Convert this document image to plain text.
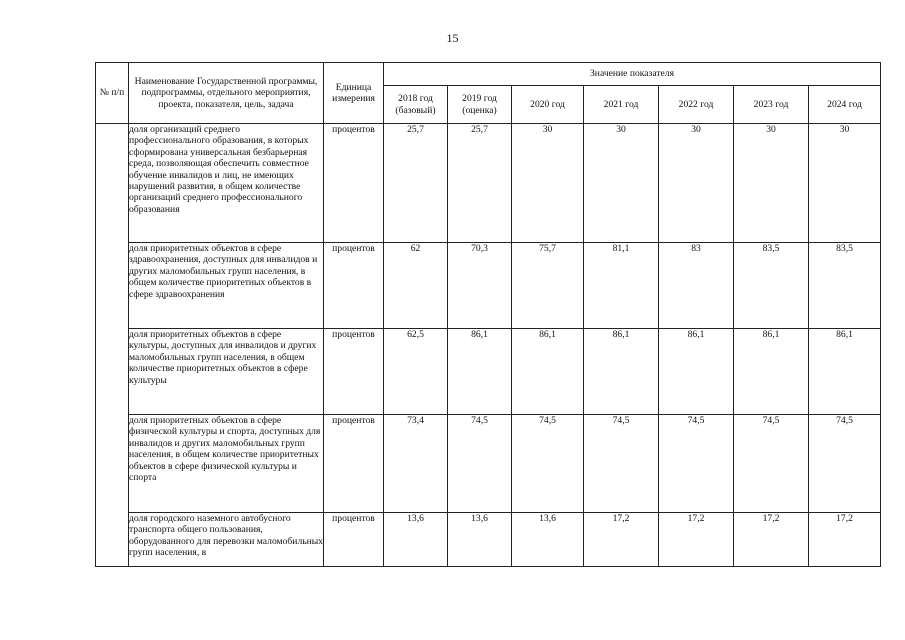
15
№ п/п	Наименование Государственной программы, подпрограммы, отдельного мероприятия, проекта, показателя, цель, задача	Единица измерения	Значение показателя						
			2018 год (базовый)	2019 год (оценка)	2020 год	2021 год	2022 год	2023 год	2024 год
	доля организаций среднего профессионального образования, в которых сформирована универсальная безбарьерная среда, позволяющая обеспечить совместное обучение инвалидов и лиц, не имеющих нарушений развития, в общем количестве организаций среднего профессионального образования	процентов	25,7	25,7	30	30	30	30	30
	доля приоритетных объектов в сфере здравоохранения, доступных для инвалидов и других маломобильных групп населения, в общем количестве приоритетных объектов в сфере здравоохранения	процентов	62	70,3	75,7	81,1	83	83,5	83,5
	доля приоритетных объектов в сфере культуры, доступных для инвалидов и других маломобильных групп населения, в общем количестве приоритетных объектов в сфере культуры	процентов	62,5	86,1	86,1	86,1	86,1	86,1	86,1
	доля приоритетных объектов в сфере физической культуры и спорта, доступных для инвалидов и других маломобильных групп населения, в общем количестве приоритетных объектов в сфере физической культуры и спорта	процентов	73,4	74,5	74,5	74,5	74,5	74,5	74,5
	доля городского наземного автобусного транспорта общего пользования, оборудованного для перевозки маломобильных групп населения, в	процентов	13,6	13,6	13,6	17,2	17,2	17,2	17,2
